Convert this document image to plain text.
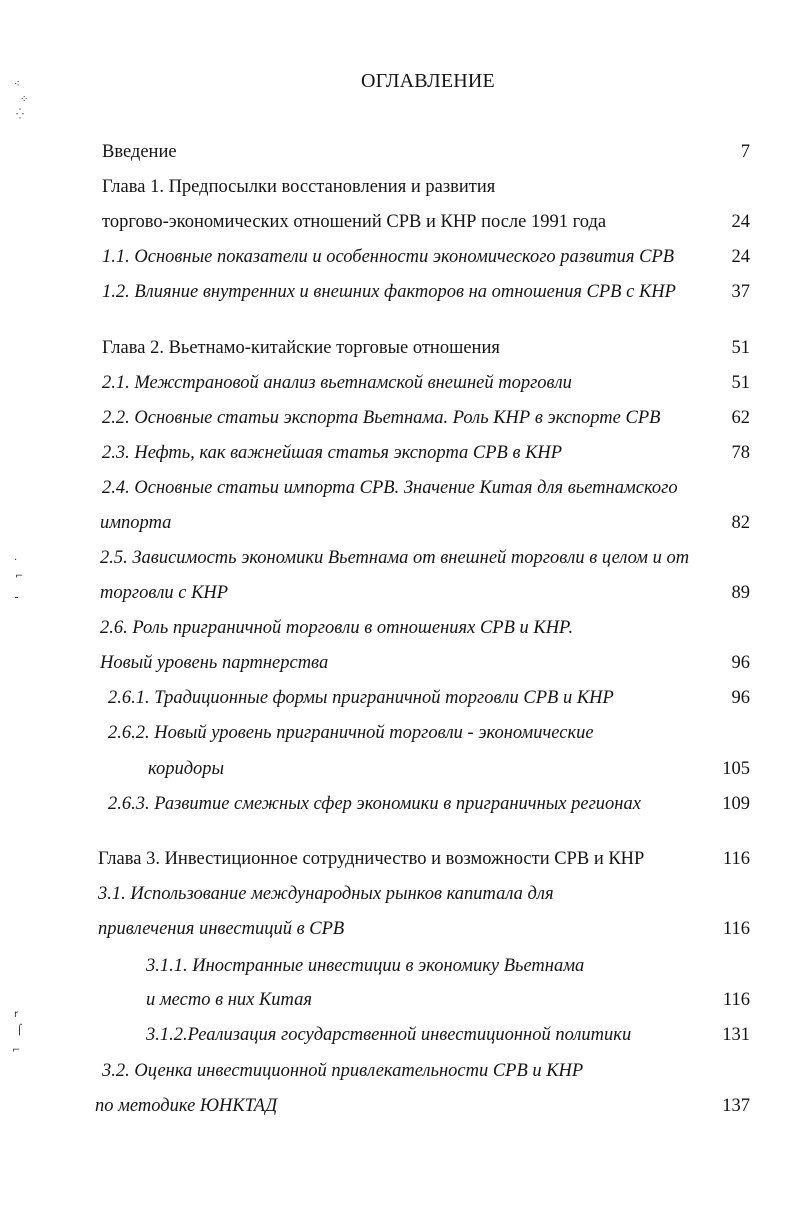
⁖
⁘
⁛
·
⌐
⁃
r
⌠
⌐
ОГЛАВЛЕНИЕ
Введение	7
Глава 1. Предпосылки восстановления и развития
торгово-экономических отношений СРВ и КНР после 1991 года	24
1.1. Основные показатели и особенности экономического развития СРВ	24
1.2. Влияние внутренних и внешних факторов на отношения СРВ с КНР	37
Глава 2. Вьетнамо-китайские торговые отношения	51
2.1. Межстрановой анализ вьетнамской внешней торговли	51
2.2. Основные статьи экспорта Вьетнама. Роль КНР в экспорте СРВ	62
2.3. Нефть, как важнейшая статья экспорта СРВ в КНР	78
2.4. Основные статьи импорта СРВ. Значение Китая для вьетнамского
импорта	82
2.5. Зависимость экономики Вьетнама от внешней торговли в целом и от
торговли с КНР	89
2.6. Роль приграничной торговли в отношениях СРВ и КНР.
Новый уровень партнерства	96
2.6.1. Традиционные формы приграничной торговли СРВ и КНР	96
2.6.2. Новый уровень приграничной торговли - экономические
коридоры	105
2.6.3. Развитие смежных сфер экономики в приграничных регионах	109
Глава 3. Инвестиционное сотрудничество и возможности СРВ и КНР	116
3.1. Использование международных рынков капитала для
привлечения инвестиций в СРВ	116
3.1.1. Иностранные инвестиции в экономику Вьетнама
и место в них Китая	116
3.1.2.Реализация государственной инвестиционной политики	131
3.2. Оценка инвестиционной привлекательности СРВ и КНР
по методике ЮНКТАД	137
